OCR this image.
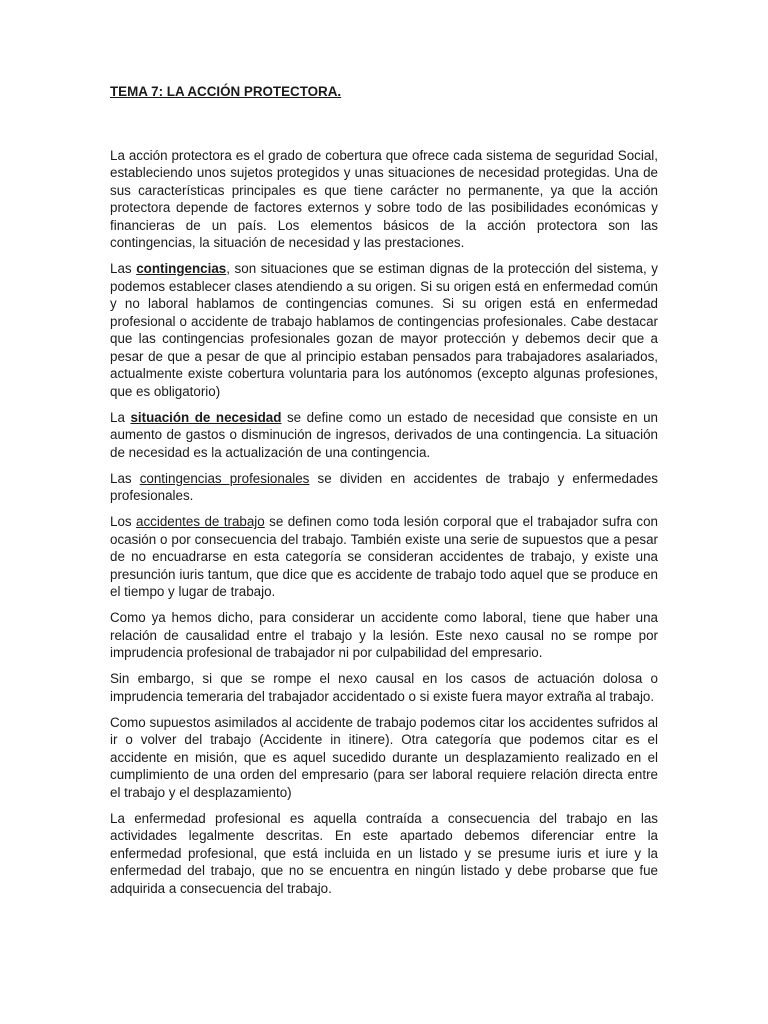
TEMA 7: LA ACCIÓN PROTECTORA.

La acción protectora es el grado de cobertura que ofrece cada sistema de seguridad Social, estableciendo unos sujetos protegidos y unas situaciones de necesidad protegidas. Una de sus características principales es que tiene carácter no permanente, ya que la acción protectora depende de factores externos y sobre todo de las posibilidades económicas y financieras de un país. Los elementos básicos de la acción protectora son las contingencias, la situación de necesidad y las prestaciones.

Las contingencias, son situaciones que se estiman dignas de la protección del sistema, y podemos establecer clases atendiendo a su origen. Si su origen está en enfermedad común y no laboral hablamos de contingencias comunes. Si su origen está en enfermedad profesional o accidente de trabajo hablamos de contingencias profesionales. Cabe destacar que las contingencias profesionales gozan de mayor protección y debemos decir que a pesar de que a pesar de que al principio estaban pensados para trabajadores asalariados, actualmente existe cobertura voluntaria para los autónomos (excepto algunas profesiones, que es obligatorio)

La situación de necesidad se define como un estado de necesidad que consiste en un aumento de gastos o disminución de ingresos, derivados de una contingencia. La situación de necesidad es la actualización de una contingencia.

Las contingencias profesionales se dividen en accidentes de trabajo y enfermedades profesionales.

Los accidentes de trabajo se definen como toda lesión corporal que el trabajador sufra con ocasión o por consecuencia del trabajo. También existe una serie de supuestos que a pesar de no encuadrarse en esta categoría se consideran accidentes de trabajo, y existe una presunción iuris tantum, que dice que es accidente de trabajo todo aquel que se produce en el tiempo y lugar de trabajo.

Como ya hemos dicho, para considerar un accidente como laboral, tiene que haber una relación de causalidad entre el trabajo y la lesión. Este nexo causal no se rompe por imprudencia profesional de trabajador ni por culpabilidad del empresario.

Sin embargo, si que se rompe el nexo causal en los casos de actuación dolosa o imprudencia temeraria del trabajador accidentado o si existe fuera mayor extraña al trabajo.

Como supuestos asimilados al accidente de trabajo podemos citar los accidentes sufridos al ir o volver del trabajo (Accidente in itinere). Otra categoría que podemos citar es el accidente en misión, que es aquel sucedido durante un desplazamiento realizado en el cumplimiento de una orden del empresario (para ser laboral requiere relación directa entre el trabajo y el desplazamiento)

La enfermedad profesional es aquella contraída a consecuencia del trabajo en las actividades legalmente descritas. En este apartado debemos diferenciar entre la enfermedad profesional, que está incluida en un listado y se presume iuris et iure y la enfermedad del trabajo, que no se encuentra en ningún listado y debe probarse que fue adquirida a consecuencia del trabajo.
